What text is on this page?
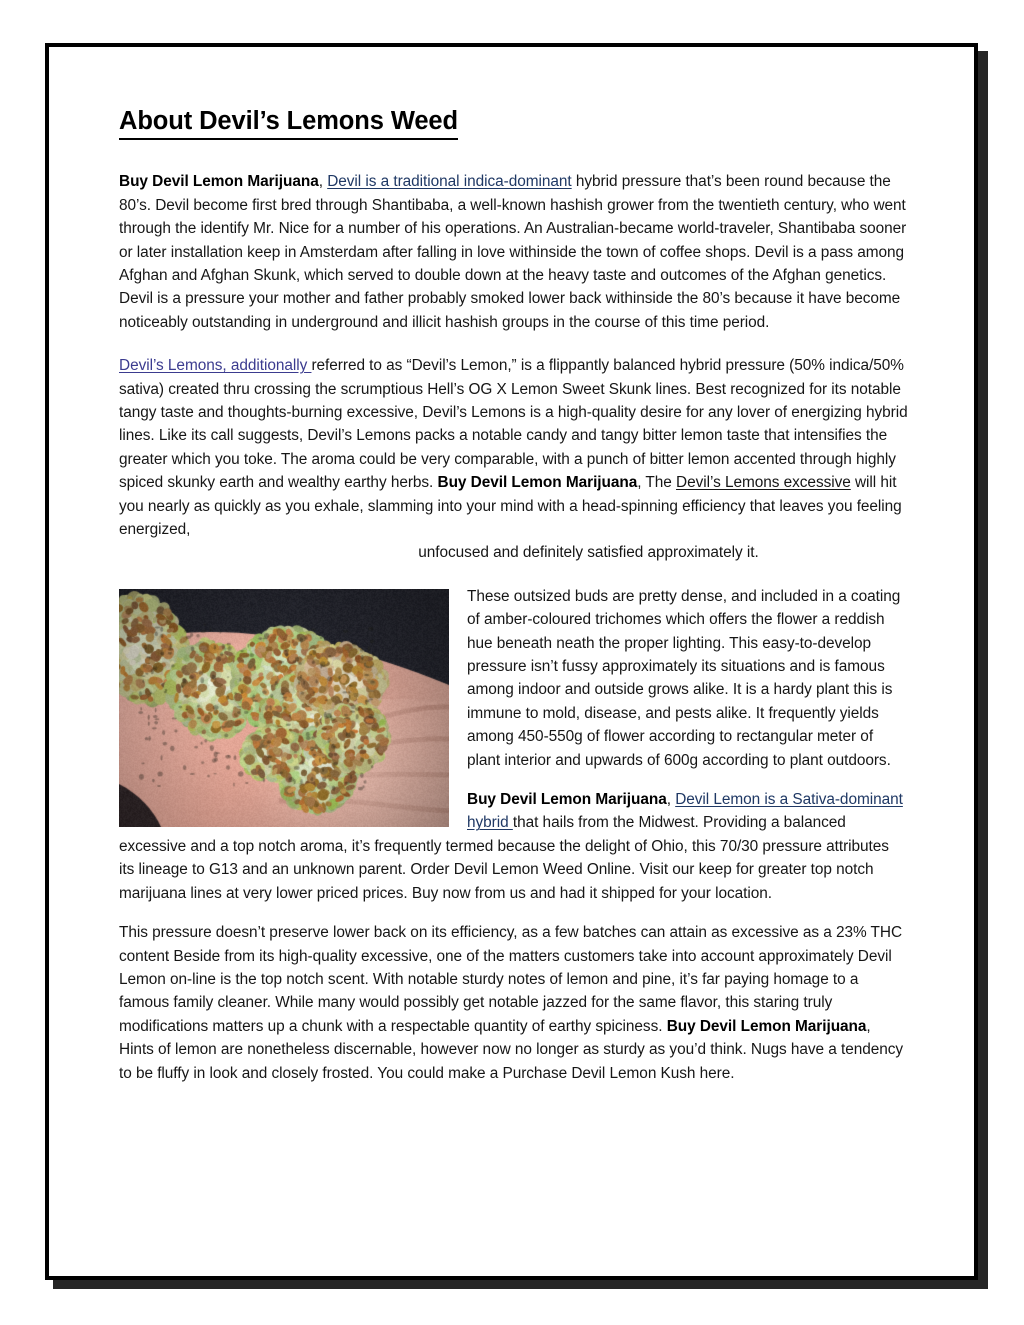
About Devil’s Lemons Weed

Buy Devil Lemon Marijuana, Devil is a traditional indica-dominant hybrid pressure that’s been round because the 80’s. Devil become first bred through Shantibaba, a well-known hashish grower from the twentieth century, who went through the identify Mr. Nice for a number of his operations. An Australian-became world-traveler, Shantibaba sooner or later installation keep in Amsterdam after falling in love withinside the town of coffee shops. Devil is a pass among Afghan and Afghan Skunk, which served to double down at the heavy taste and outcomes of the Afghan genetics. Devil is a pressure your mother and father probably smoked lower back withinside the 80’s because it have become noticeably outstanding in underground and illicit hashish groups in the course of this time period.

Devil’s Lemons, additionally referred to as “Devil’s Lemon,” is a flippantly balanced hybrid pressure (50% indica/50% sativa) created thru crossing the scrumptious Hell’s OG X Lemon Sweet Skunk lines. Best recognized for its notable tangy taste and thoughts-burning excessive, Devil’s Lemons is a high-quality desire for any lover of energizing hybrid lines. Like its call suggests, Devil’s Lemons packs a notable candy and tangy bitter lemon taste that intensifies the greater which you toke. The aroma could be very comparable, with a punch of bitter lemon accented through highly spiced skunky earth and wealthy earthy herbs. Buy Devil Lemon Marijuana, The Devil’s Lemons excessive will hit you nearly as quickly as you exhale, slamming into your mind with a head-spinning efficiency that leaves you feeling energized,
unfocused and definitely satisfied approximately it.

These outsized buds are pretty dense, and included in a coating of amber-coloured trichomes which offers the flower a reddish hue beneath neath the proper lighting. This easy-to-develop pressure isn’t fussy approximately its situations and is famous among indoor and outside grows alike. It is a hardy plant this is immune to mold, disease, and pests alike. It frequently yields among 450-550g of flower according to rectangular meter of plant interior and upwards of 600g according to plant outdoors.

Buy Devil Lemon Marijuana, Devil Lemon is a Sativa-dominant hybrid that hails from the Midwest. Providing a balanced excessive and a top notch aroma, it’s frequently termed because the delight of Ohio, this 70/30 pressure attributes its lineage to G13 and an unknown parent. Order Devil Lemon Weed Online. Visit our keep for greater top notch marijuana lines at very lower priced prices. Buy now from us and had it shipped for your location.

This pressure doesn’t preserve lower back on its efficiency, as a few batches can attain as excessive as a 23% THC content Beside from its high-quality excessive, one of the matters customers take into account approximately Devil Lemon on-line is the top notch scent. With notable sturdy notes of lemon and pine, it’s far paying homage to a famous family cleaner. While many would possibly get notable jazzed for the same flavor, this staring truly modifications matters up a chunk with a respectable quantity of earthy spiciness. Buy Devil Lemon Marijuana, Hints of lemon are nonetheless discernable, however now no longer as sturdy as you’d think. Nugs have a tendency to be fluffy in look and closely frosted. You could make a Purchase Devil Lemon Kush here.
